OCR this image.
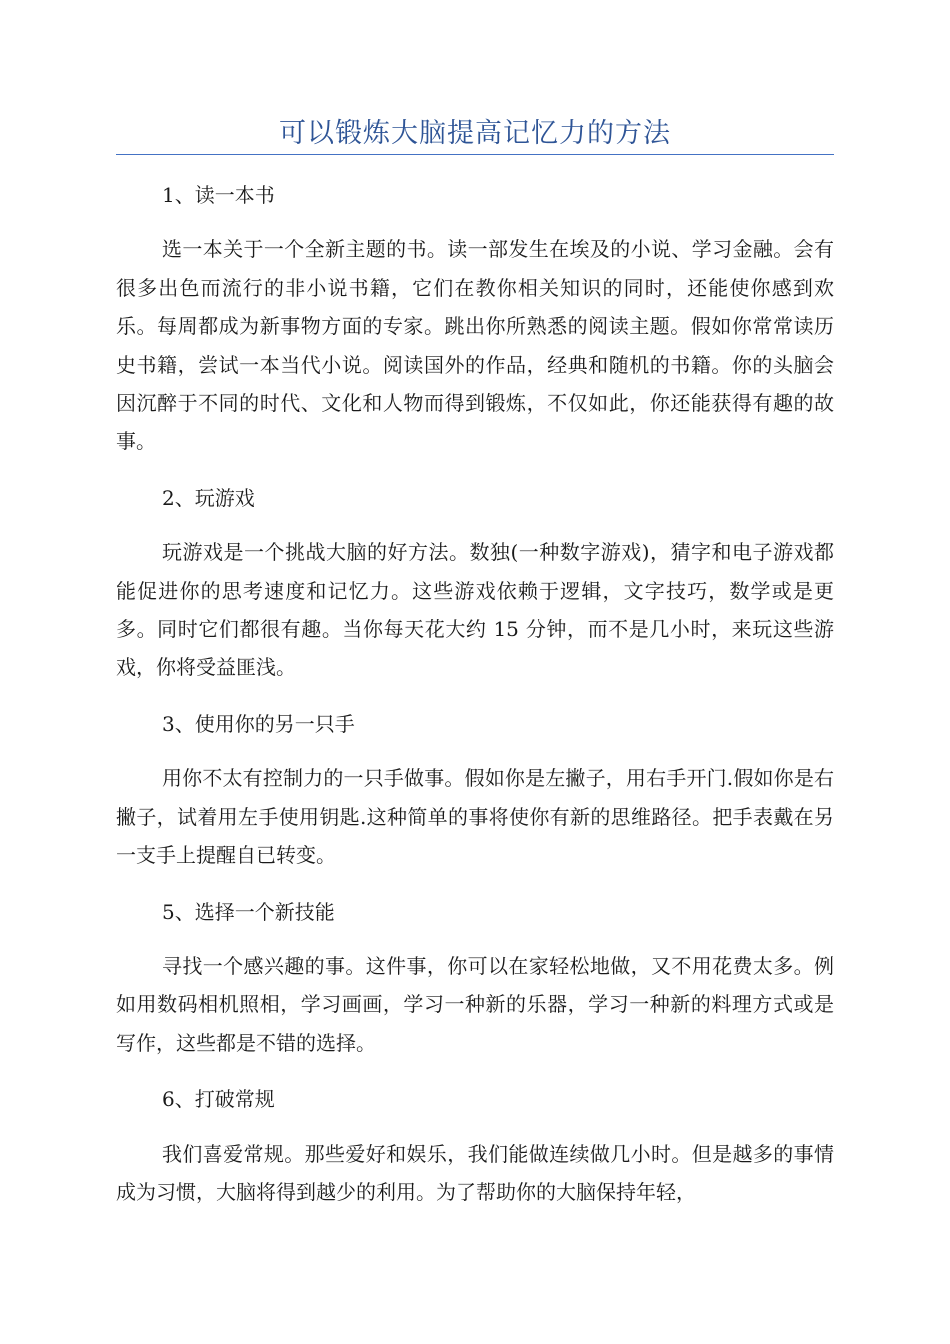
可以锻炼大脑提高记忆力的方法

1、读一本书

选一本关于一个全新主题的书。读一部发生在埃及的小说、学习金融。会有很多出色而流行的非小说书籍，它们在教你相关知识的同时，还能使你感到欢乐。每周都成为新事物方面的专家。跳出你所熟悉的阅读主题。假如你常常读历史书籍，尝试一本当代小说。阅读国外的作品，经典和随机的书籍。你的头脑会因沉醉于不同的时代、文化和人物而得到锻炼，不仅如此，你还能获得有趣的故事。

2、玩游戏

玩游戏是一个挑战大脑的好方法。数独(一种数字游戏)，猜字和电子游戏都能促进你的思考速度和记忆力。这些游戏依赖于逻辑，文字技巧，数学或是更多。同时它们都很有趣。当你每天花大约 15 分钟，而不是几小时，来玩这些游戏，你将受益匪浅。

3、使用你的另一只手

用你不太有控制力的一只手做事。假如你是左撇子，用右手开门.假如你是右撇子，试着用左手使用钥匙.这种简单的事将使你有新的思维路径。把手表戴在另一支手上提醒自已转变。

5、选择一个新技能

寻找一个感兴趣的事。这件事，你可以在家轻松地做，又不用花费太多。例如用数码相机照相，学习画画，学习一种新的乐器，学习一种新的料理方式或是写作，这些都是不错的选择。

6、打破常规

我们喜爱常规。那些爱好和娱乐，我们能做连续做几小时。但是越多的事情成为习惯，大脑将得到越少的利用。为了帮助你的大脑保持年轻，
